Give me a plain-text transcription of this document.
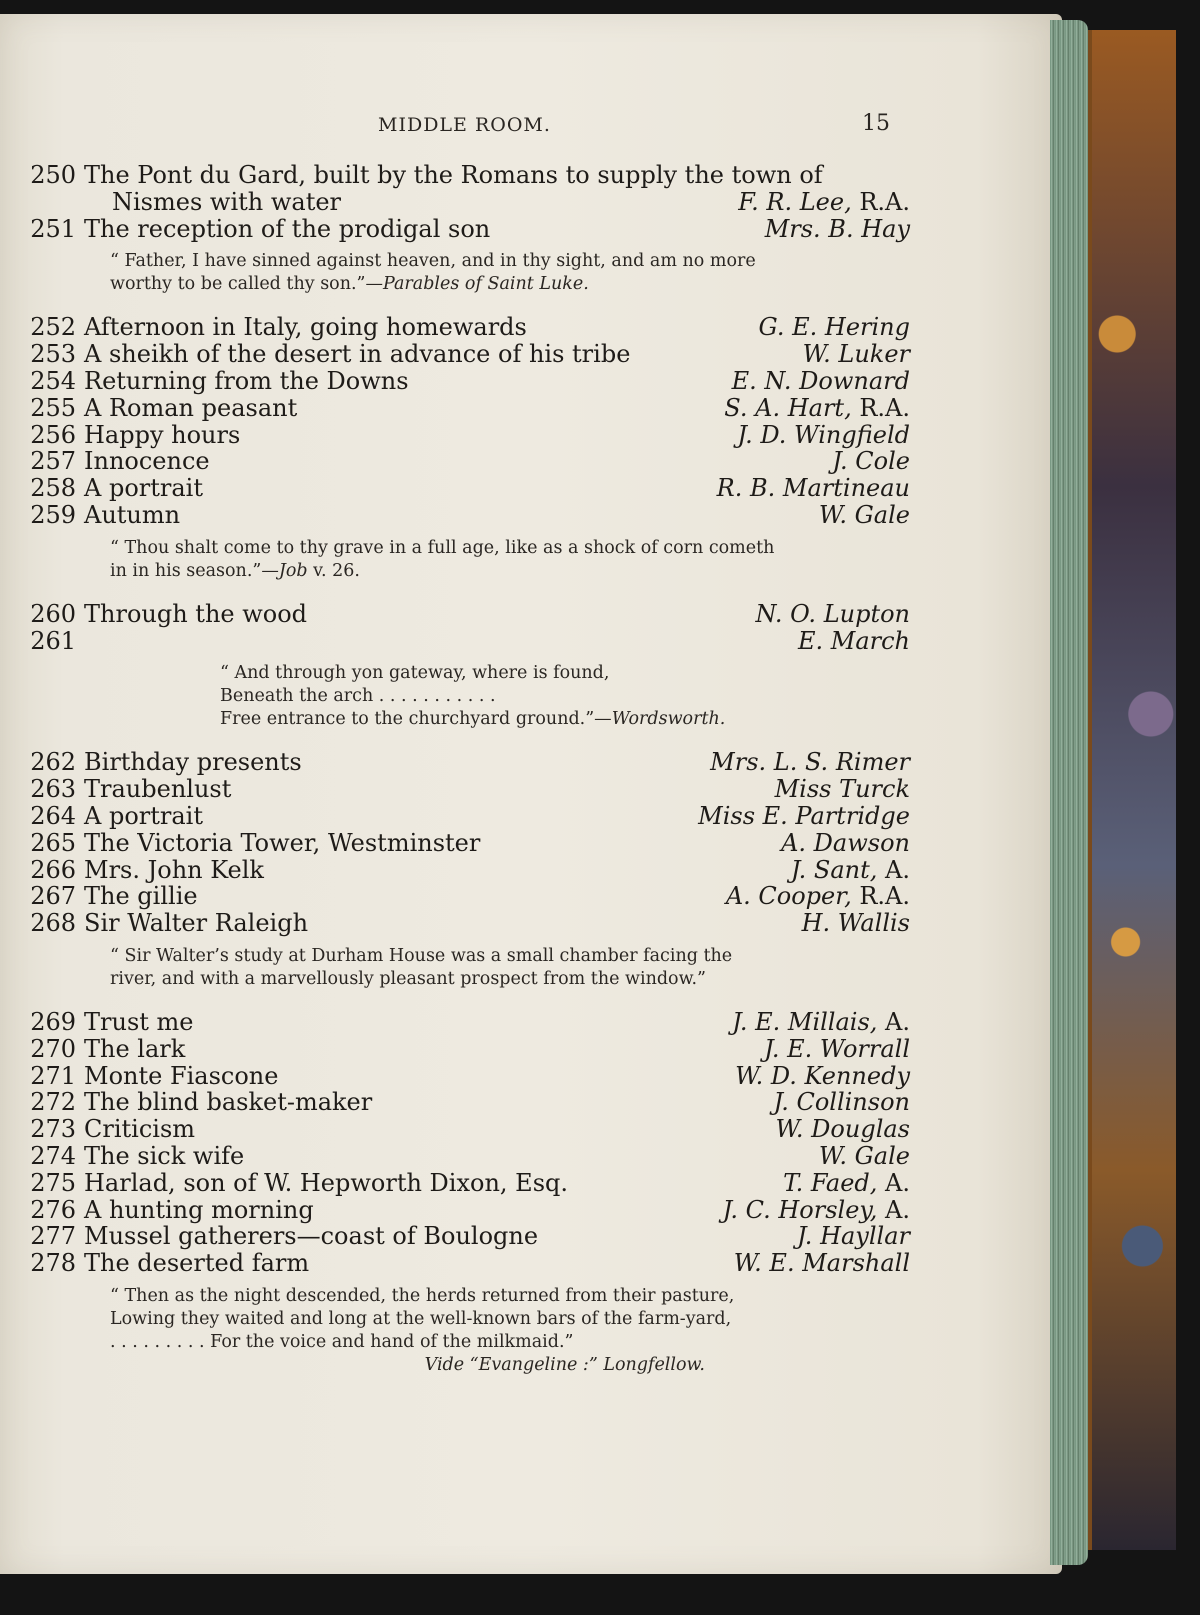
MIDDLE ROOM.	15
250 The Pont du Gard, built by the Romans to supply the town of
Nismes with water	F. R. Lee, R.A.
251 The reception of the prodigal son	Mrs. B. Hay
“ Father, I have sinned against heaven, and in thy sight, and am no more
worthy to be called thy son.”—Parables of Saint Luke.
252 Afternoon in Italy, going homewards	G. E. Hering
253 A sheikh of the desert in advance of his tribe	W. Luker
254 Returning from the Downs	E. N. Downard
255 A Roman peasant	S. A. Hart, R.A.
256 Happy hours	J. D. Wingfield
257 Innocence	J. Cole
258 A portrait	R. B. Martineau
259 Autumn	W. Gale
“ Thou shalt come to thy grave in a full age, like as a shock of corn cometh
in in his season.”—Job v. 26.
260 Through the wood	N. O. Lupton
261	E. March
“ And through yon gateway, where is found,
Beneath the arch . . . . . . . . . . .
Free entrance to the churchyard ground.”—Wordsworth.
262 Birthday presents	Mrs. L. S. Rimer
263 Traubenlust	Miss Turck
264 A portrait	Miss E. Partridge
265 The Victoria Tower, Westminster	A. Dawson
266 Mrs. John Kelk	J. Sant, A.
267 The gillie	A. Cooper, R.A.
268 Sir Walter Raleigh	H. Wallis
“ Sir Walter’s study at Durham House was a small chamber facing the
river, and with a marvellously pleasant prospect from the window.”
269 Trust me	J. E. Millais, A.
270 The lark	J. E. Worrall
271 Monte Fiascone	W. D. Kennedy
272 The blind basket-maker	J. Collinson
273 Criticism	W. Douglas
274 The sick wife	W. Gale
275 Harlad, son of W. Hepworth Dixon, Esq.	T. Faed, A.
276 A hunting morning	J. C. Horsley, A.
277 Mussel gatherers—coast of Boulogne	J. Hayllar
278 The deserted farm	W. E. Marshall
“ Then as the night descended, the herds returned from their pasture,
Lowing they waited and long at the well-known bars of the farm-yard,
. . . . . . . . . For the voice and hand of the milkmaid.”
Vide “Evangeline :” Longfellow.
